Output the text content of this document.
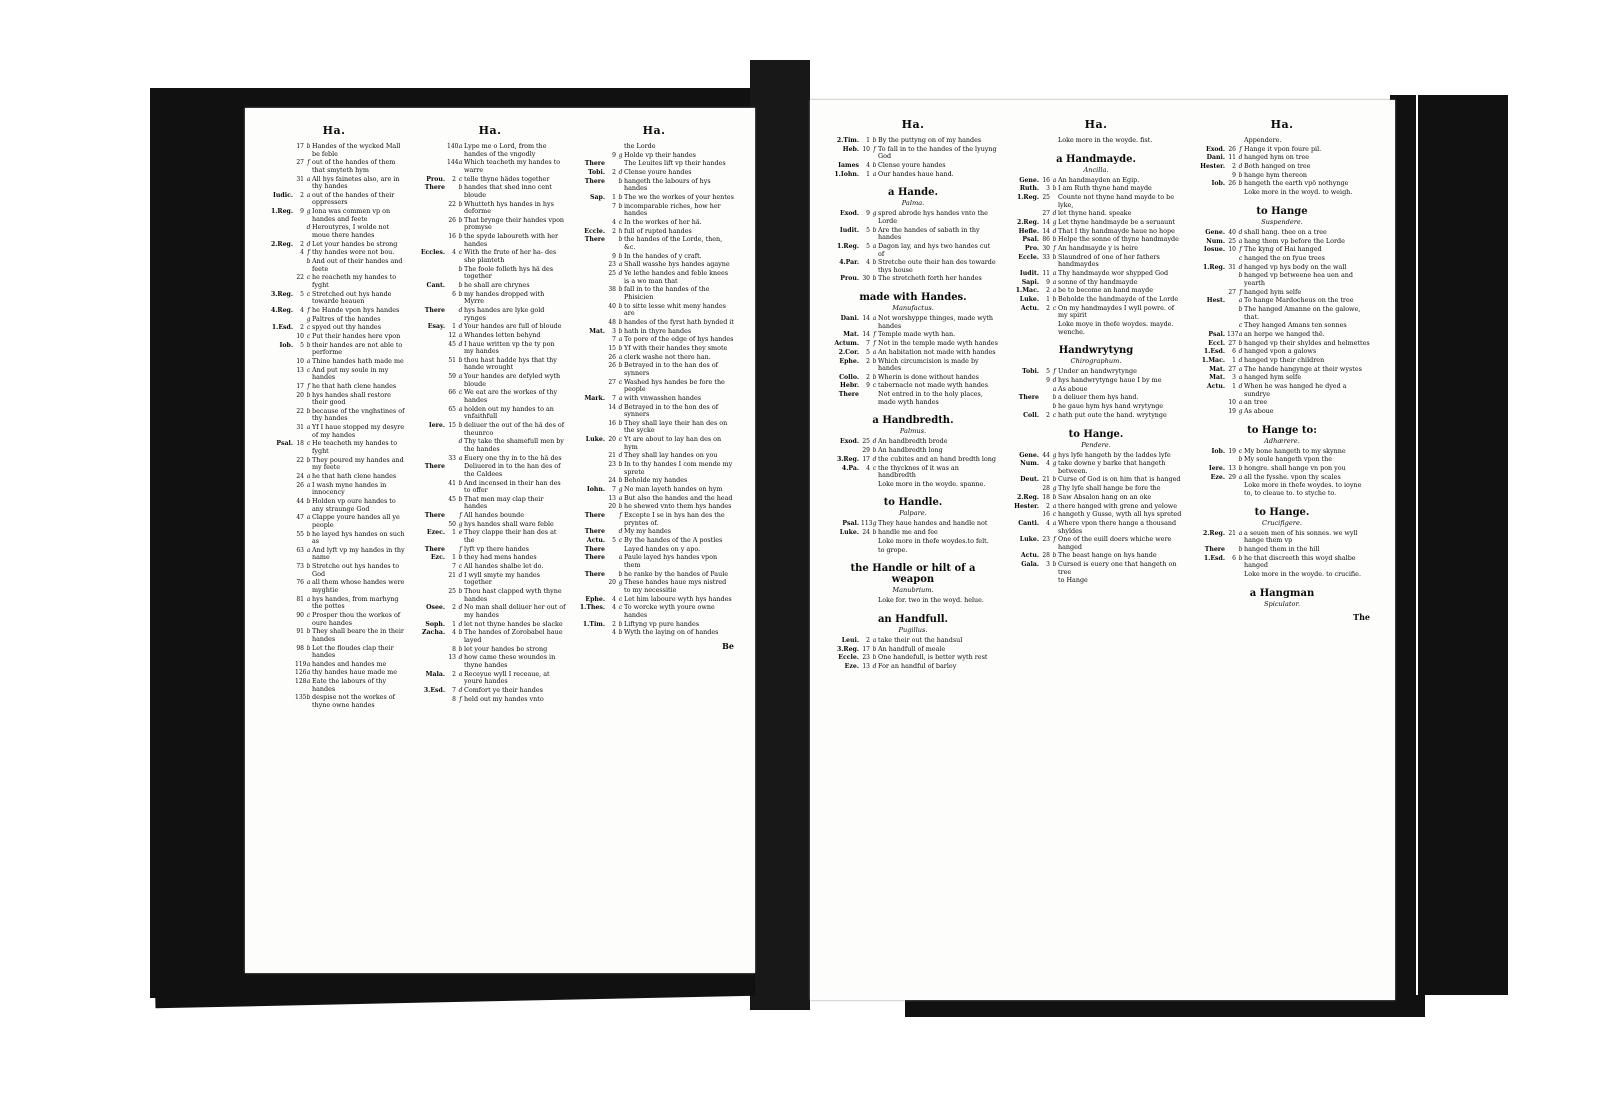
Ha.
17 b Handes of the wycked Mall be feble
27 f out of the handes of them that smyteth hym
31 a All hys fainetes also, are in thy handes
Iudic.	2 a out of the handes of their oppressers
1.Reg.	9 g Iona was commen vp on handes and feete
d Heroutyres, I wolde not moue there handes
2.Reg.	2 d Let your handes be strong
4 f thy handes were not bou.
b And out of their handes and feete
22 c he reacheth my handes to fyght
3.Reg.	5 c Stretched out hys hande towarde heauen
4.Reg.	4 f he Hande vpon hys handes
g Paltres of the handes
1.Esd.	2 c spyed out thy handes
10 c Put their handes here vpon
Iob.	5 b their handes are not able to performe
10 a Thine handes hath made me
13 c And put my soule in my handes
17 f he that hath clene handes
20 b hys handes shall restore their good
22 b because of the vnghstines of thy handes
31 a Yf I haue stopped my desyre of my handes
Psal. 18 c He teacheth my handes to fyght
22 b They poured my handes and my feete
24 a he that hath clene handes
26 a I wash myne handes in innocency
44 b Holden vp oure handes to any straunge God
47 a Clappe youre handes all ye people
55 b he layed hys handes on such as
63 a And lyft vp my handes in thy name
73 b Stretche out hys handes to God
76 a all them whose handes were myghtie
81 a hys handes, from marhyng the pottes
90 c Prosper thou the workes of oure handes
91 b They shall beare the in their handes
98 b Let the floudes clap their handes
119 a handes and handes me
126 a thy handes haue made me
128 a Eate the labours of thy handes
135 b despise not the workes of thyne owne handes
Ha.
140 a Lype me o Lord, from the handes of the vngodly
144 a Which teacheth my handes to warre
Prou.	2 c telle thyne hädes together
There	b handes that shed inno cent bloude
22 b Whutteth hys handes in hys deforme
26 b That brynge their handes vpon promyse
16 b the spyde laboureth with her handes
Eccles.	4 c With the frute of her ha- des she planteth
b The foole folleth hys hä des together
Cant.	b he shall are chrynes
6 b my handes dropped with Myrre
There	d hys handes are lyke gold rynges
Esay.	1 d Your handes are full of bloude
12 a Whandes letten behynd
45 d I haue written vp the ty pon my handes
51 b thou hast hadde hys that thy hande wrought
59 a Your handes are defyled wyth bloude
66 c We eat are the workes of thy handes
65 a holden out my handes to an vnfaithfull
Iere. 15 b deliuer the out of the hä des of theunrco
d Thy take the shamefull men by the handes
33 a Euery one thy in to the hä des
There	Deliuered in to the han des of the Caldees
41 b And incensed in their han des to offer
45 b That men may clap their handes
There	f All handes bounde
50 g hys handes shall ware feble
Ezec.	1 e They clappe their han des at the
There	f lyft vp there handes
Ezc.	1 b they had mens handes
7 c All handes shalbe let do.
21 d I wyll smyte my handes together
25 b Thou hast clapped wyth thyne handes
Osee.	2 d No man shall deliuer her out of my handes
Soph.	1 d let not thyne handes be slacke
Zacha.	4 b The handes of Zorobabel haue layed
8 b let your handes be strong
13 d how came these woundes in thyne handes
Mala.	2 a Receyue wyll I receaue, at youre handes
3.Esd.	7 d Comfort ye their handes
8 f held out my handes vnto
Ha.
the Lorde
9 g Holde vp their handes
There	The Leuites lift vp their handes
Tobi.	2 d Clense youre handes
There	b hangeth the labours of hys handes
Sap.	1 b The we the workes of your hentes
7 b incomparable riches, how her handes
4 c In the workes of her hä.
Eccle.	2 h full of rupted handes
There	b the handes of the Lorde, then, &c.
9 b In the handes of y craft.
23 a Shall wasshe hys handes agayne
25 d Ye lethe handes and feble knees is a wo man that
38 b fall in to the handes of the Phisicien
40 b to sitte lesse whit meny handes are
48 b handes of the fyrst hath bynded it
Mat.	3 b hath in thyre handes
7 a To pore of the edge of hys handes
15 b Yf with their handes they smote
26 a clerk washe not there han.
26 b Betrayed in to the han des of synners
27 c Washed hys handes be fore the people
Mark.	7 a with vnwasshen handes
14 d Betrayed in to the hon des of synners
16 b They shall laye their han des on the sycke
Luke. 20 c Yt are about to lay han des on hym
21 d They shall lay handes on you
23 b In to thy handes I com mende my sprete
24 b Beholde my handes
Iohn.	7 g No man layeth handes on hym
13 a But also the handes and the head
20 b he shewed vnto them hys handes
There	f Excepte I se in hys han des the pryntes of.
There	d My my handes
Actu.	5 c By the handes of the A postles
There	Layed handes on y apo.
There	a Paule layed hys handes vpon them
There	b he ranke by the handes of Paule
20 g These handes haue mys nistred to my necessitie
Ephe.	4 c Let him laboure wyth hys handes
1.Thes.	4 c To worcke wyth youre owne handes
1.Tim.	2 b Liftyng vp pure handes
4 b Wyth the laying on of handes
Be
Ha.
2.Tim.	1 b By the puttyng on of my handes
Heb. 10 f To fall in to the handes of the lyuyng God
Iames	4 b Clense youre handes
1.Iohn.	1 a Our handes haue hand.
a Hande.
Palma.
Exod.	9 g spred abrode hys handes vnto the Lorde
Iudit.	5 b Are the handes of sabath in thy handes
1.Reg.	5 a Dagon lay, and hys two handes cut of
4.Par.	4 b Stretche oute their han des towarde thys house
Prou. 30 b The stretcheth forth her handes
made with Handes.
Manufactus.
Dani. 14 a Not worshyppe thinges, made wyth handes
Mat. 14 f Temple made wyth han.
Actum.	7 f Not in the temple made wyth handes
2.Cor.	5 a An habitation not made with handes
Ephe.	2 b Which circumcision is made by handes
Collo.	2 b Wherin is done without handes
Hebr.	9 c tabernacle not made wyth handes
There	Not entred in to the holy places, made wyth handes
a Handbredth.
Palmus.
Exod. 25 d An handbredth brode
29 b An handbredth long
3.Reg. 17 d the cubites and an hand bredth long
4.Pa.	4 c the thycknes of it was an handbredth
Loke more in the woyde. spanne.
to Handle.
Palpare.
Psal. 113 g They haue handes and handle not
Luke. 24 b handle me and fee
Loke more in thefe woydes.to felt.
to grope.
the Handle or hilt of a weapon
Manubrium.
Loke for. two in the woyd. helue.
an Handfull.
Pugillus.
Leui.	2 a take their out the handsul
3.Reg. 17 b An handfull of meale
Eccle. 23 b One handefull, is better wyth rest
Eze. 13 d For an handful of barley
Ha.
Loke more in the woyde. fist.
a Handmayde.
Ancilla.
Gene. 16 a An handmayden an Egip.
Ruth.	3 b I am Ruth thyne hand mayde
1.Reg. 25 Counte not thyne hand mayde to be lyke,
27 d let thyne hand. speake
2.Reg. 14 g Let thyne handmayde be a seruaunt
Hefle. 14 d That I thy handmayde haue no hope
Psal. 86 b Helpe the sonne of thyne handmayde
Pro. 30 f An handmayde y is heire
Eccle. 33 b Slaundred of one of her fathers handmaydes
Iudit. 11 a Thy handmayde wor shypped God
Sapi.	9 a sonne of thy handmayde
1.Mac.	2 a be to become an hand mayde
Luke.	1 b Beholde the handmayde of the Lorde
Actu.	2 c On my handmaydes I wyll powre. of my spirit
Loke moye in thefe woydes. mayde. wenche.
Handwrytyng
Chirographum.
Tobi.	5 f Under an handwrytynge
9 d hys handwrytynge haue I by me
a As aboue
There	b a deliuer them hys hand.
b he gaue hym hys hand wrytynge
Coll.	2 c hath put oute the hand. wrytynge
to Hange.
Pendere.
Gene. 44 g hys lyfe hangeth by the laddes lyfe
Num.	4 g take downe y barke that hangeth between.
Deut. 21 b Curse of God is on him that is hanged
28 g Thy lyfe shall hange be fore the
2.Reg. 18 b Saw Absalon hang on an oke
Hester.	2 a there hanged with grene and yelowe
16 c hangeth y Gusse, wyth all hys spreted
Canti.	4 a Where vpon there hange a thousand shyldes
Luke. 23 f One of the euill doers whiche were hanged
Actu. 28 b The beast hange on hys hande
Gala.	3 b Cursed is euery one that hangeth on tree
to Hange
Ha.
Appendere.
Exod. 26 f Hange it vpon foure pil.
Dani. 11 d hanged hym on tree
Hester.	2 d Both hanged on tree
9 b hange hym thereon
Iob. 26 b hangeth the earth vpö nothynge
Loke more in the woyd. to weigh.
to Hange
Suspendere.
Gene. 40 d shall hang. thee on a tree
Num. 25 a hang them vp before the Lorde
Iosue. 10 f The kyng of Hai hanged
c hanged the on fyue trees
1.Reg. 31 d hanged vp hys body on the wall
b hanged vp betweene hea uen and yearth
27 f hanged hym selfe
Hest.	a To hange Mardocheus on the tree
b The hanged Amanne on the galowe, that.
c They hanged Amans ten sonnes
Psal. 137 a an herpe we hanged thë.
Eccl. 27 b hanged vp their shyldes and helmettes
1.Esd.	6 d hanged vpon a galows
1.Mac.	1 d hanged vp their children
Mat. 27 a The hande hangynge at their wystes
Mat.	3 a hanged hym selfe
Actu.	1 d When he was hanged he dyed a sundrye
10 a an tree
19 g As aboue
to Hange to:
Adhærere.
Iob. 19 c My bone hangeth to my skynne
b My soule hangeth vpon the
Iere. 13 b hongre. shall hange vn pon you
Eze. 29 a all the fysshe. vpon thy scales
Loke more in thefe woydes. to ioyne to, to cleaue to. to styche to.
to Hange.
Crucifigere.
2.Reg. 21 a a seuen men of his sonnes. we wyll hange them vp
There	b hanged them in the hill
1.Esd.	6 b he that discreeth this woyd shalbe hanged
Loke more in the woyde. to crucifie.
a Hangman
Spiculator.
The
